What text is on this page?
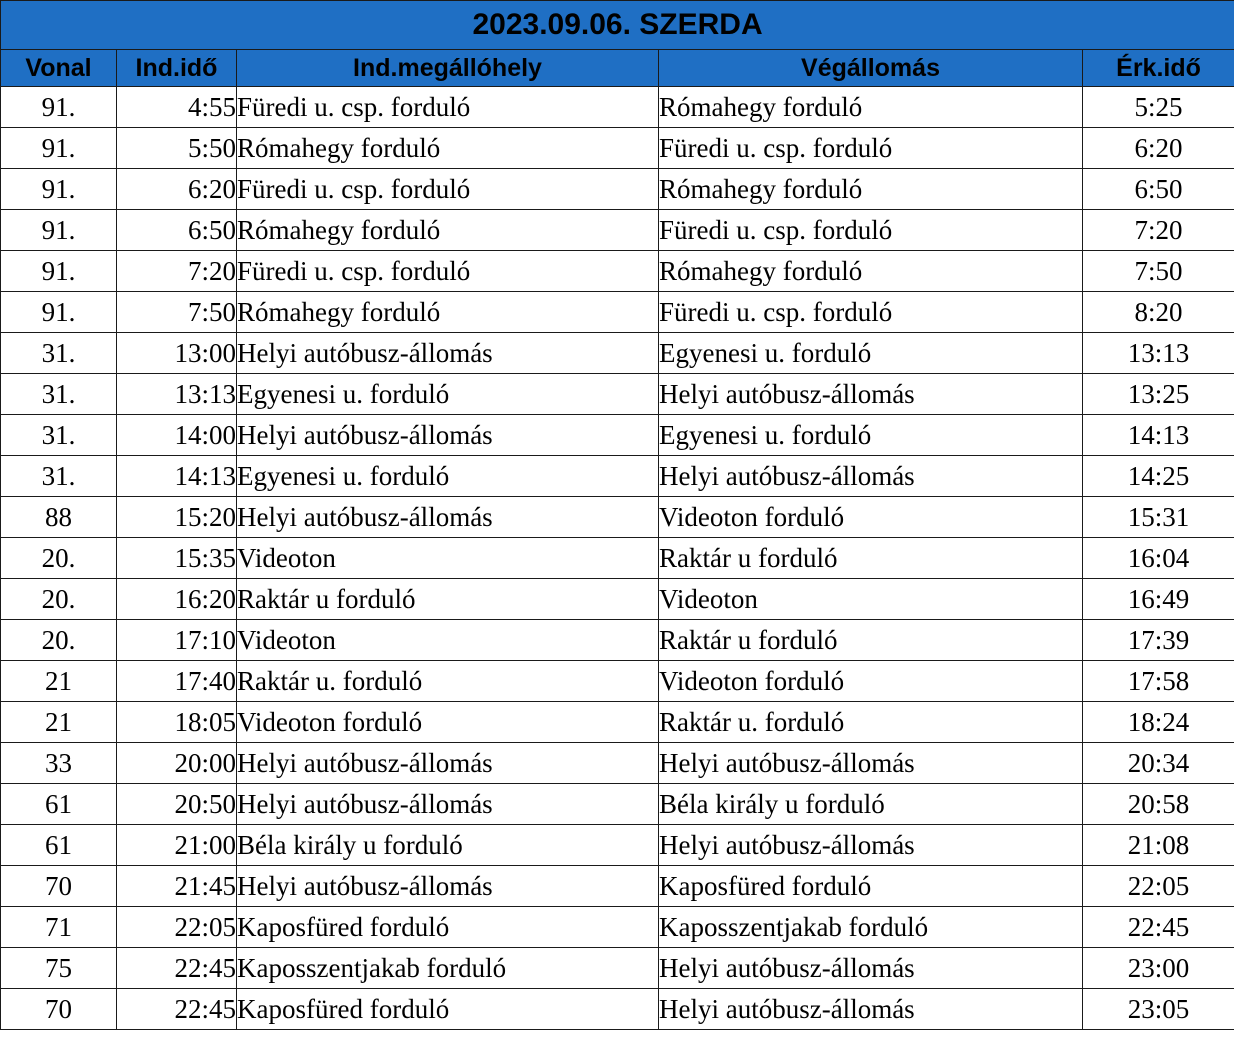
2023.09.06. SZERDA				
Vonal	Ind.idő	Ind.megállóhely	Végállomás	Érk.idő
91.	4:55	Füredi u. csp. forduló	Rómahegy forduló	5:25
91.	5:50	Rómahegy forduló	Füredi u. csp. forduló	6:20
91.	6:20	Füredi u. csp. forduló	Rómahegy forduló	6:50
91.	6:50	Rómahegy forduló	Füredi u. csp. forduló	7:20
91.	7:20	Füredi u. csp. forduló	Rómahegy forduló	7:50
91.	7:50	Rómahegy forduló	Füredi u. csp. forduló	8:20
31.	13:00	Helyi autóbusz-állomás	Egyenesi u. forduló	13:13
31.	13:13	Egyenesi u. forduló	Helyi autóbusz-állomás	13:25
31.	14:00	Helyi autóbusz-állomás	Egyenesi u. forduló	14:13
31.	14:13	Egyenesi u. forduló	Helyi autóbusz-állomás	14:25
88	15:20	Helyi autóbusz-állomás	Videoton forduló	15:31
20.	15:35	Videoton	Raktár u forduló	16:04
20.	16:20	Raktár u forduló	Videoton	16:49
20.	17:10	Videoton	Raktár u forduló	17:39
21	17:40	Raktár u. forduló	Videoton forduló	17:58
21	18:05	Videoton forduló	Raktár u. forduló	18:24
33	20:00	Helyi autóbusz-állomás	Helyi autóbusz-állomás	20:34
61	20:50	Helyi autóbusz-állomás	Béla király u forduló	20:58
61	21:00	Béla király u forduló	Helyi autóbusz-állomás	21:08
70	21:45	Helyi autóbusz-állomás	Kaposfüred forduló	22:05
71	22:05	Kaposfüred forduló	Kaposszentjakab forduló	22:45
75	22:45	Kaposszentjakab forduló	Helyi autóbusz-állomás	23:00
70	22:45	Kaposfüred forduló	Helyi autóbusz-állomás	23:05
